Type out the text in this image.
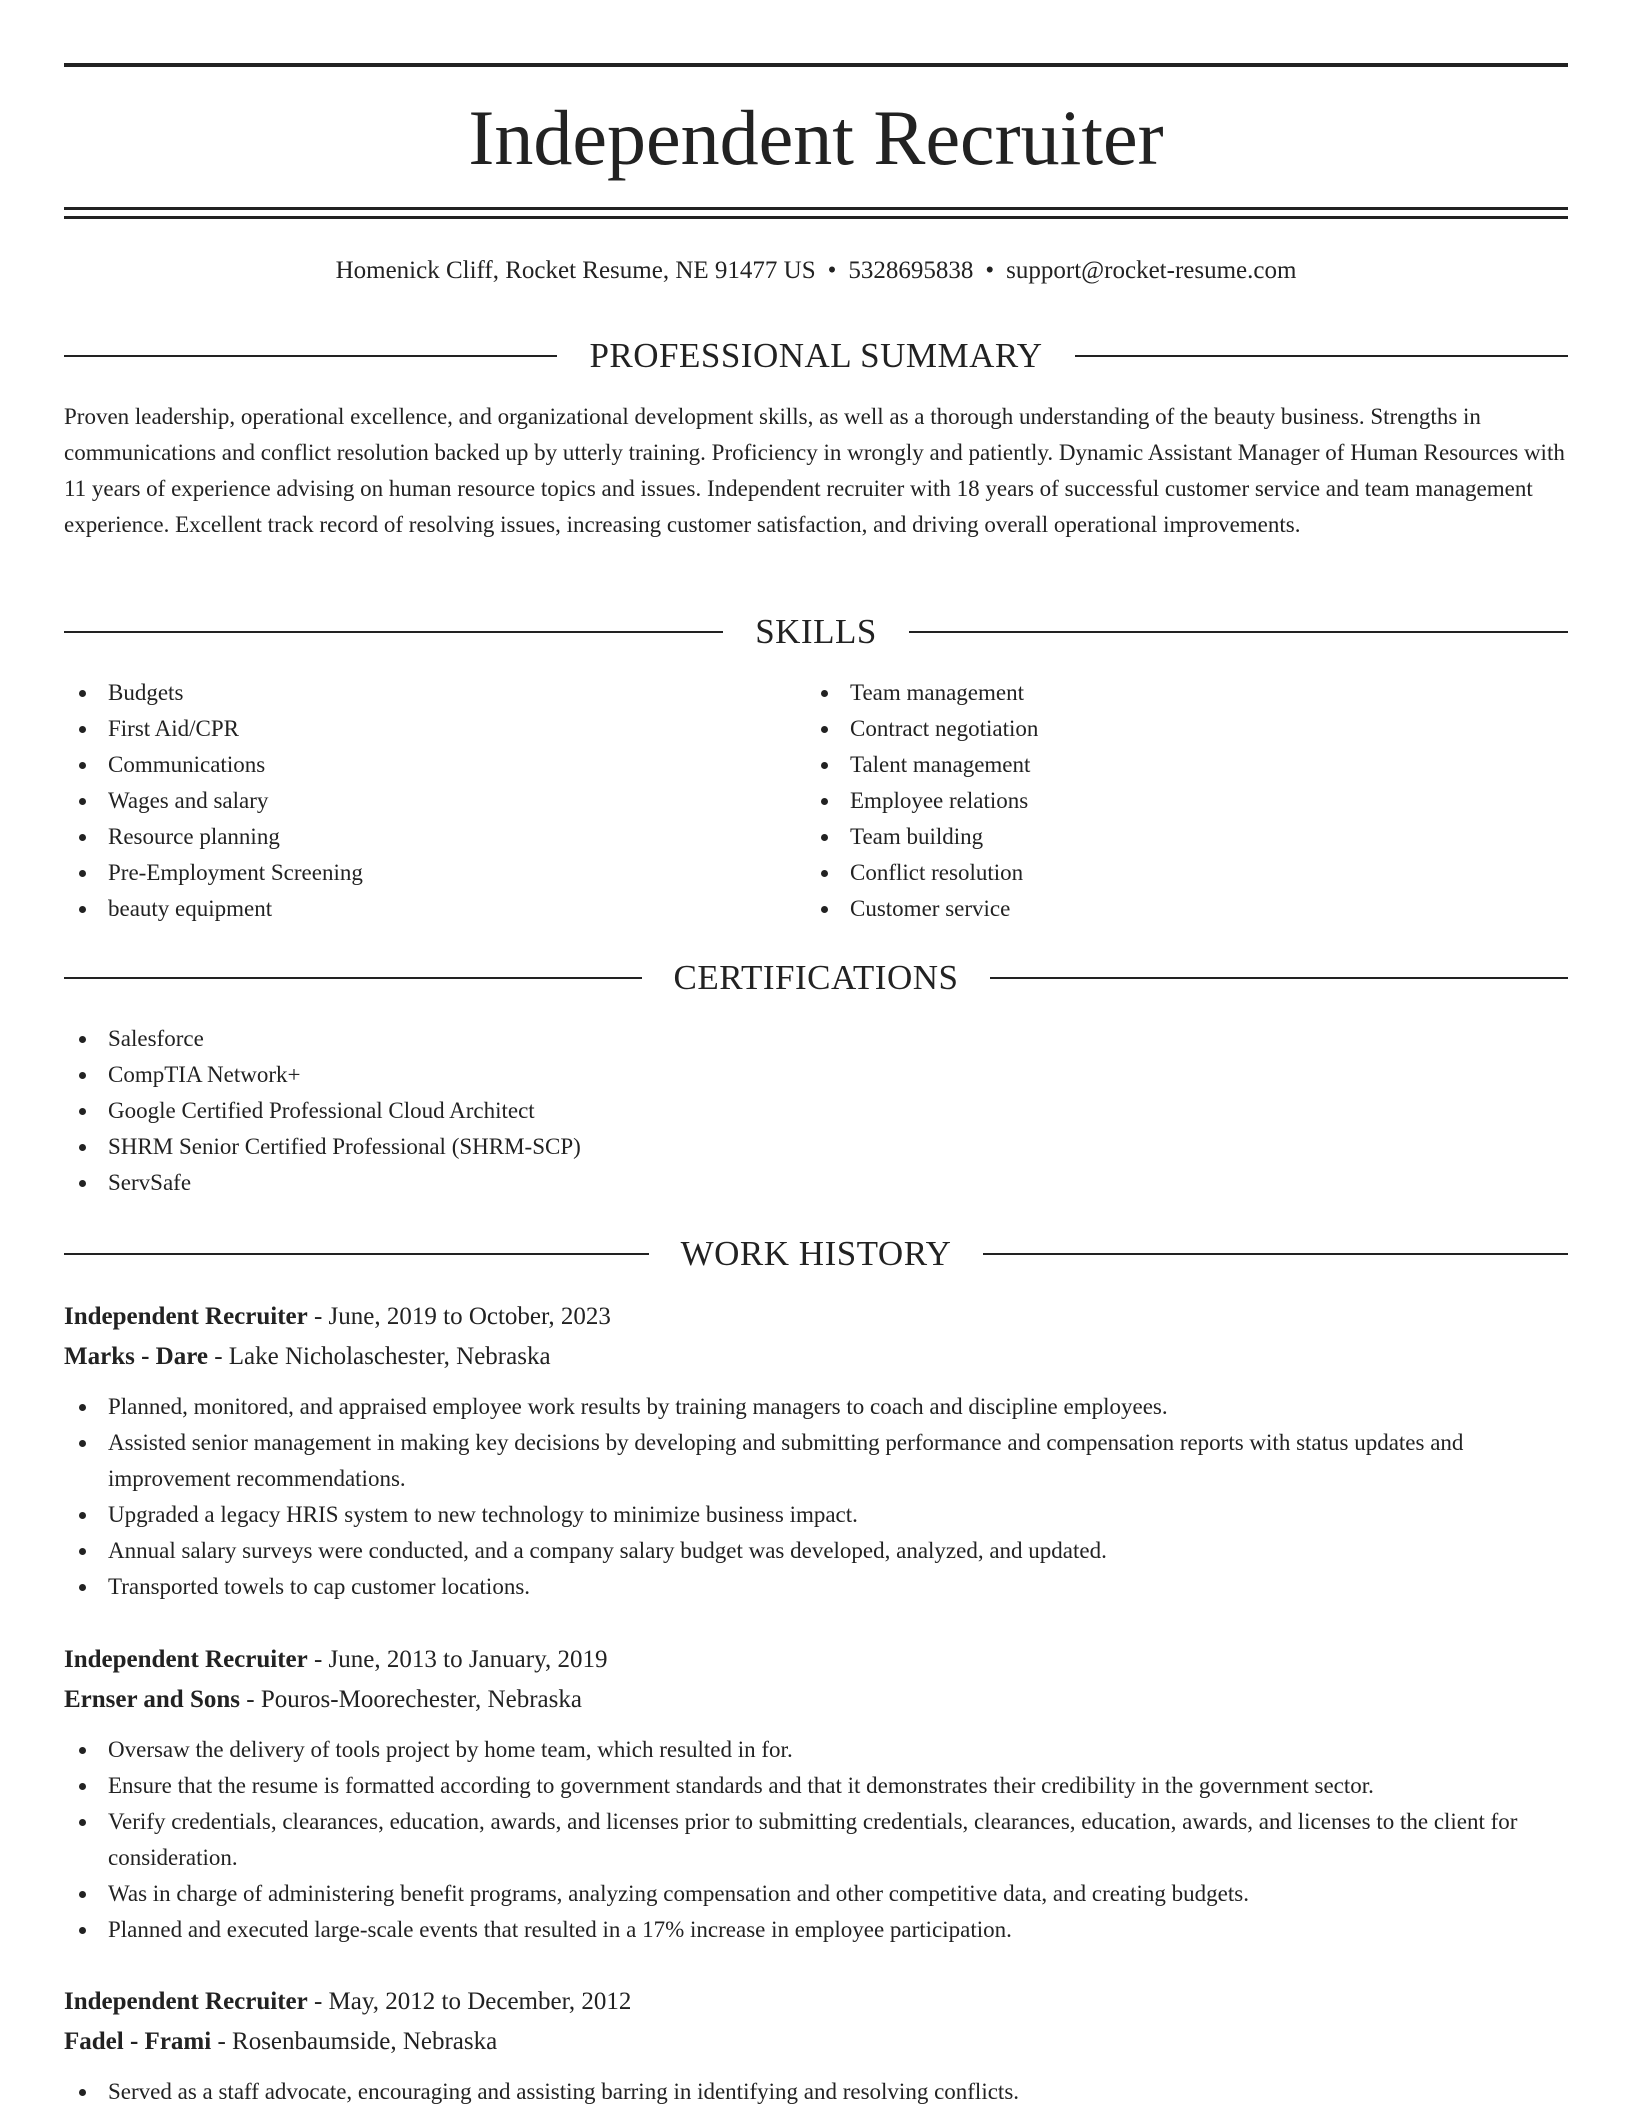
Independent Recruiter
Homenick Cliff, Rocket Resume, NE 91477 US • 5328695838 • support@rocket-resume.com
PROFESSIONAL SUMMARY

Proven leadership, operational excellence, and organizational development skills, as well as a thorough understanding of the beauty business. Strengths in communications and conflict resolution backed up by utterly training. Proficiency in wrongly and patiently. Dynamic Assistant Manager of Human Resources with 11 years of experience advising on human resource topics and issues. Independent recruiter with 18 years of successful customer service and team management experience. Excellent track record of resolving issues, increasing customer satisfaction, and driving overall operational improvements.

SKILLS
Budgets
First Aid/CPR
Communications
Wages and salary
Resource planning
Pre-Employment Screening
beauty equipment
Team management
Contract negotiation
Talent management
Employee relations
Team building
Conflict resolution
Customer service
CERTIFICATIONS
Salesforce
CompTIA Network+
Google Certified Professional Cloud Architect
SHRM Senior Certified Professional (SHRM-SCP)
ServSafe
WORK HISTORY
Independent Recruiter - June, 2019 to October, 2023
Marks - Dare - Lake Nicholaschester, Nebraska
Planned, monitored, and appraised employee work results by training managers to coach and discipline employees.
Assisted senior management in making key decisions by developing and submitting performance and compensation reports with status updates and improvement recommendations.
Upgraded a legacy HRIS system to new technology to minimize business impact.
Annual salary surveys were conducted, and a company salary budget was developed, analyzed, and updated.
Transported towels to cap customer locations.
Independent Recruiter - June, 2013 to January, 2019
Ernser and Sons - Pouros-Moorechester, Nebraska
Oversaw the delivery of tools project by home team, which resulted in for.
Ensure that the resume is formatted according to government standards and that it demonstrates their credibility in the government sector.
Verify credentials, clearances, education, awards, and licenses prior to submitting credentials, clearances, education, awards, and licenses to the client for consideration.
Was in charge of administering benefit programs, analyzing compensation and other competitive data, and creating budgets.
Planned and executed large-scale events that resulted in a 17% increase in employee participation.
Independent Recruiter - May, 2012 to December, 2012
Fadel - Frami - Rosenbaumside, Nebraska
Served as a staff advocate, encouraging and assisting barring in identifying and resolving conflicts.
